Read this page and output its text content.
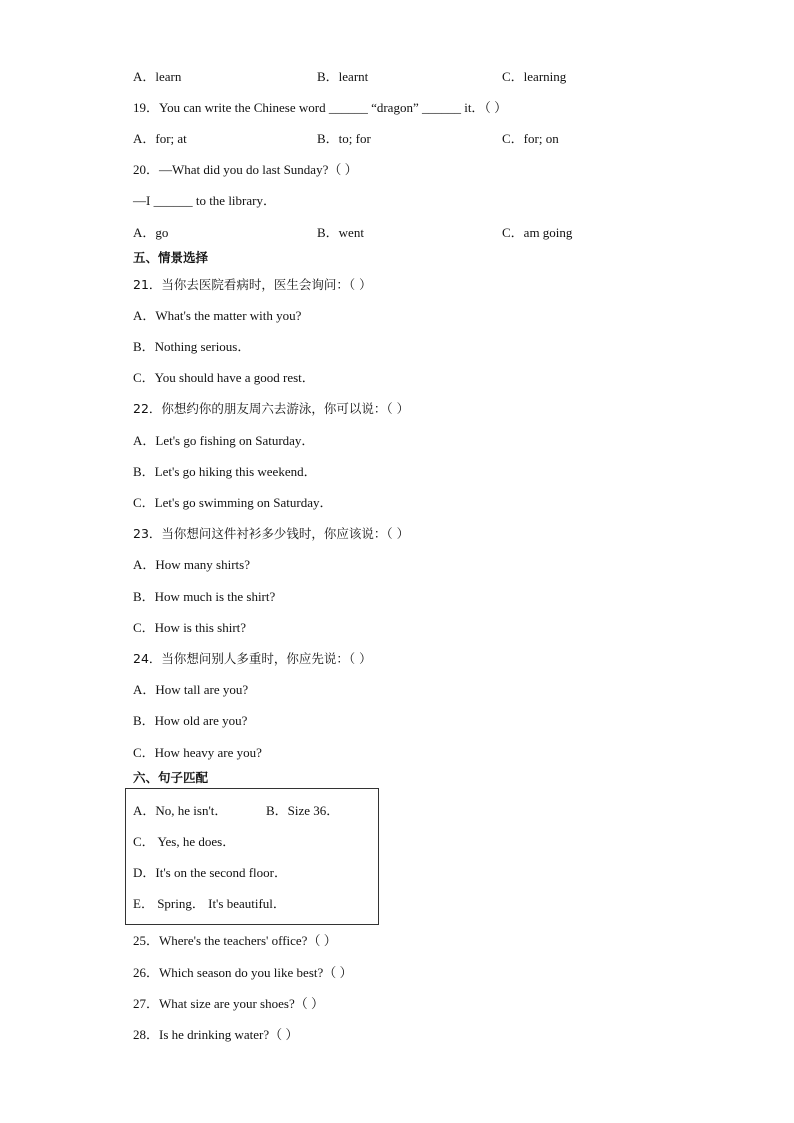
A．learn	B．learnt	C．learning
19．You can write the Chinese word ______ “dragon” ______ it．（ ）
A．for; at	B．to; for	C．for; on
20．—What did you do last Sunday?（ ）
—I ______ to the library．
A．go	B．went	C．am going
五、情景选择
21．当你去医院看病时，医生会询问：（ ）
A．What's the matter with you?
B．Nothing serious．
C．You should have a good rest．
22．你想约你的朋友周六去游泳，你可以说：（ ）
A．Let's go fishing on Saturday．
B．Let's go hiking this weekend．
C．Let's go swimming on Saturday．
23．当你想问这件衬衫多少钱时，你应该说：（ ）
A．How many shirts?
B．How much is the shirt?
C．How is this shirt?
24．当你想问别人多重时，你应先说：（ ）
A．How tall are you?
B．How old are you?
C．How heavy are you?
六、句子匹配
A．No, he isn't．	B．Size 36．
C． Yes, he does．
D．It's on the second floor．
E． Spring． It's beautiful．
25．Where's the teachers' office?（ ）
26．Which season do you like best?（ ）
27．What size are your shoes?（ ）
28．Is he drinking water?（ ）
